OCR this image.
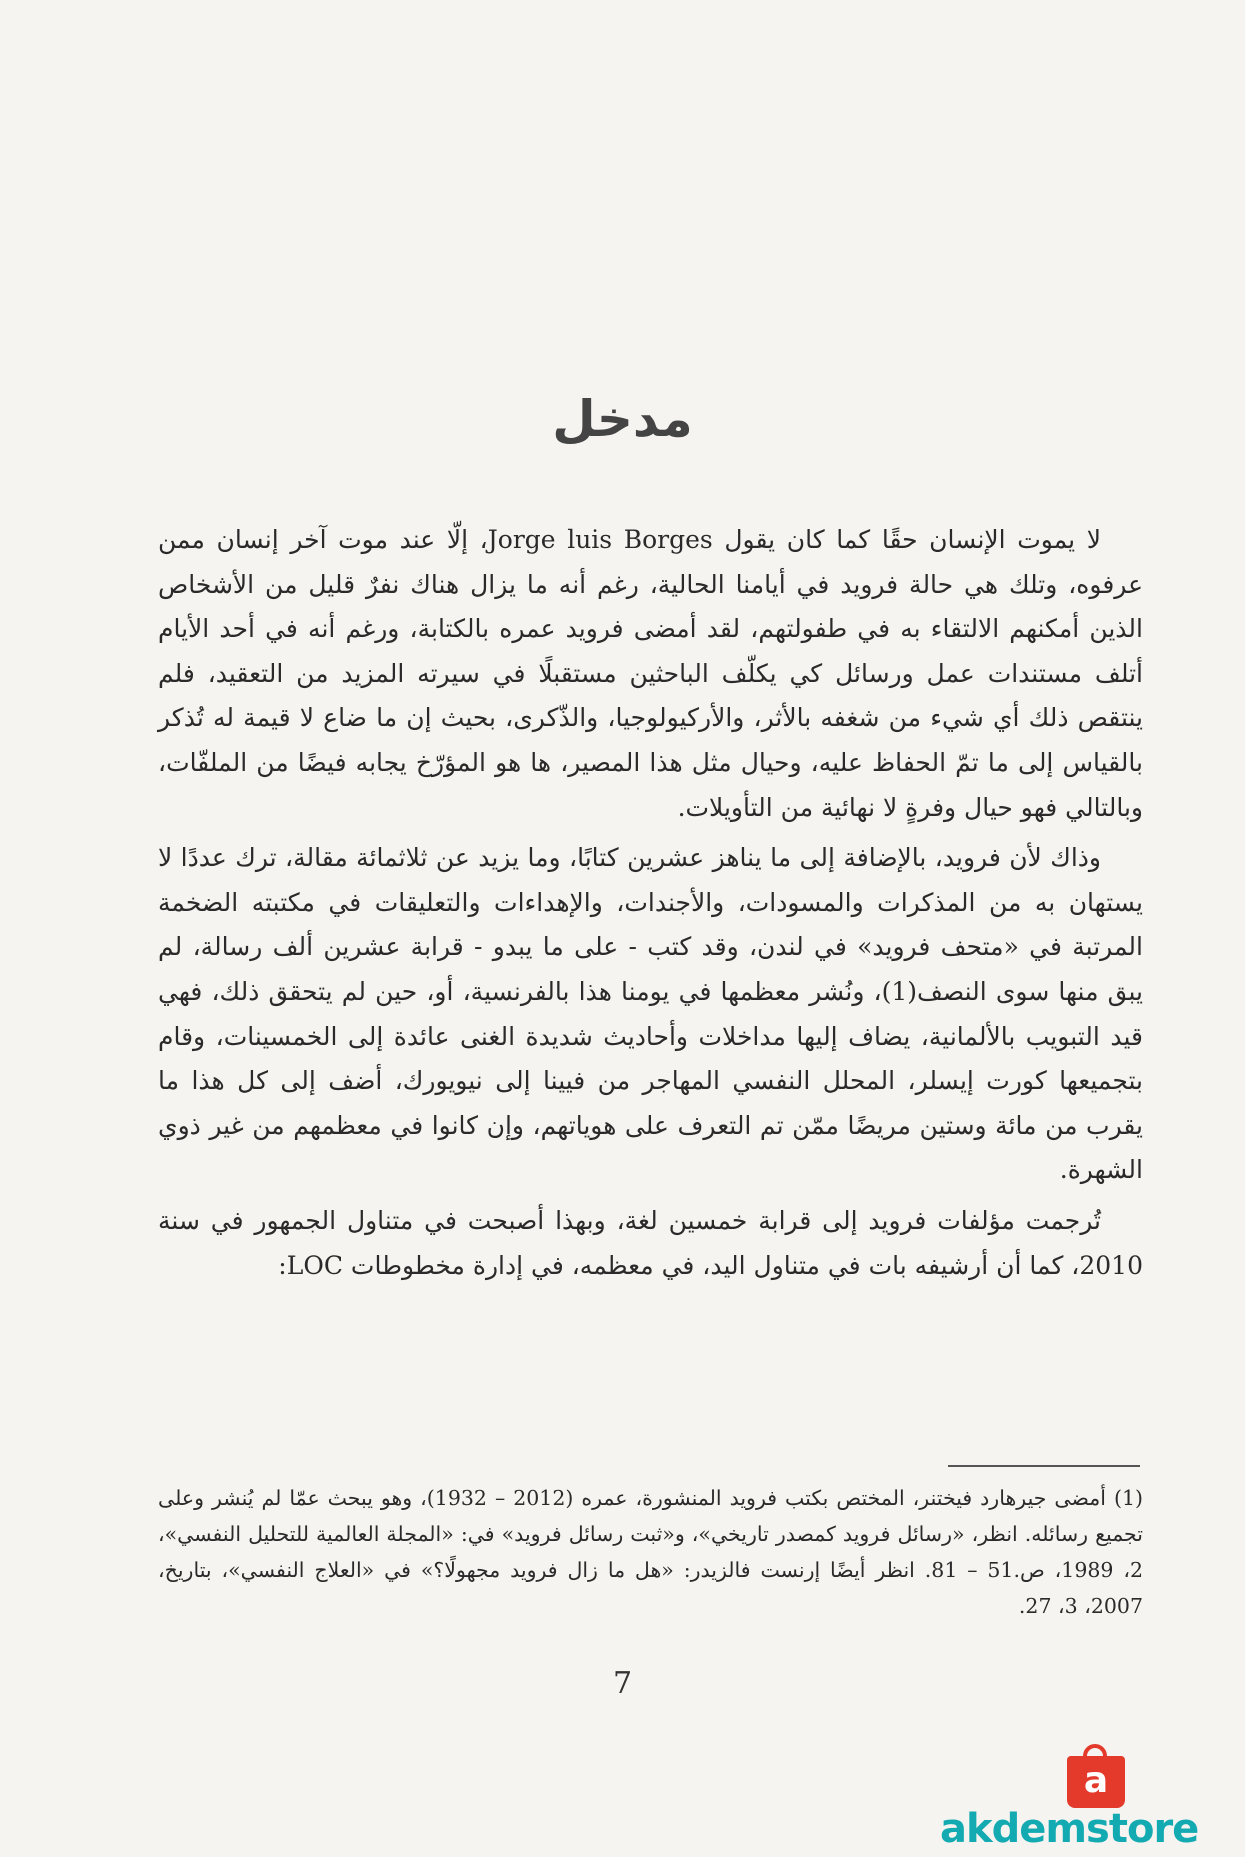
مدخل

لا يموت الإنسان حقًا كما كان يقول Jorge luis Borges، إلّا عند موت آخر إنسان ممن عرفوه، وتلك هي حالة فرويد في أيامنا الحالية، رغم أنه ما يزال هناك نفرٌ قليل من الأشخاص الذين أمكنهم الالتقاء به في طفولتهم، لقد أمضى فرويد عمره بالكتابة، ورغم أنه في أحد الأيام أتلف مستندات عمل ورسائل كي يكلّف الباحثين مستقبلًا في سيرته المزيد من التعقيد، فلم ينتقص ذلك أي شيء من شغفه بالأثر، والأركيولوجيا، والذّكرى، بحيث إن ما ضاع لا قيمة له تُذكر بالقياس إلى ما تمّ الحفاظ عليه، وحيال مثل هذا المصير، ها هو المؤرّخ يجابه فيضًا من الملفّات، وبالتالي فهو حيال وفرةٍ لا نهائية من التأويلات.

وذاك لأن فرويد، بالإضافة إلى ما يناهز عشرين كتابًا، وما يزيد عن ثلاثمائة مقالة، ترك عددًا لا يستهان به من المذكرات والمسودات، والأجندات، والإهداءات والتعليقات في مكتبته الضخمة المرتبة في «متحف فرويد» في لندن، وقد كتب - على ما يبدو - قرابة عشرين ألف رسالة، لم يبق منها سوى النصف(1)، ونُشر معظمها في يومنا هذا بالفرنسية، أو، حين لم يتحقق ذلك، فهي قيد التبويب بالألمانية، يضاف إليها مداخلات وأحاديث شديدة الغنى عائدة إلى الخمسينات، وقام بتجميعها كورت إيسلر، المحلل النفسي المهاجر من فيينا إلى نيويورك، أضف إلى كل هذا ما يقرب من مائة وستين مريضًا ممّن تم التعرف على هوياتهم، وإن كانوا في معظمهم من غير ذوي الشهرة.

تُرجمت مؤلفات فرويد إلى قرابة خمسين لغة، وبهذا أصبحت في متناول الجمهور في سنة 2010، كما أن أرشيفه بات في متناول اليد، في معظمه، في إدارة مخطوطات LOC:

(1) أمضى جيرهارد فيختنر، المختص بكتب فرويد المنشورة، عمره (2012 – 1932)، وهو يبحث عمّا لم يُنشر وعلى تجميع رسائله. انظر، «رسائل فرويد كمصدر تاريخي»، و«ثبت رسائل فرويد» في: «المجلة العالمية للتحليل النفسي»، 2، 1989، ص.51 – 81. انظر أيضًا إرنست فالزيدر: «هل ما زال فرويد مجهولًا؟» في «العلاج النفسي»، بتاريخ، 2007، 3، 27.

7
a
akdemstore
